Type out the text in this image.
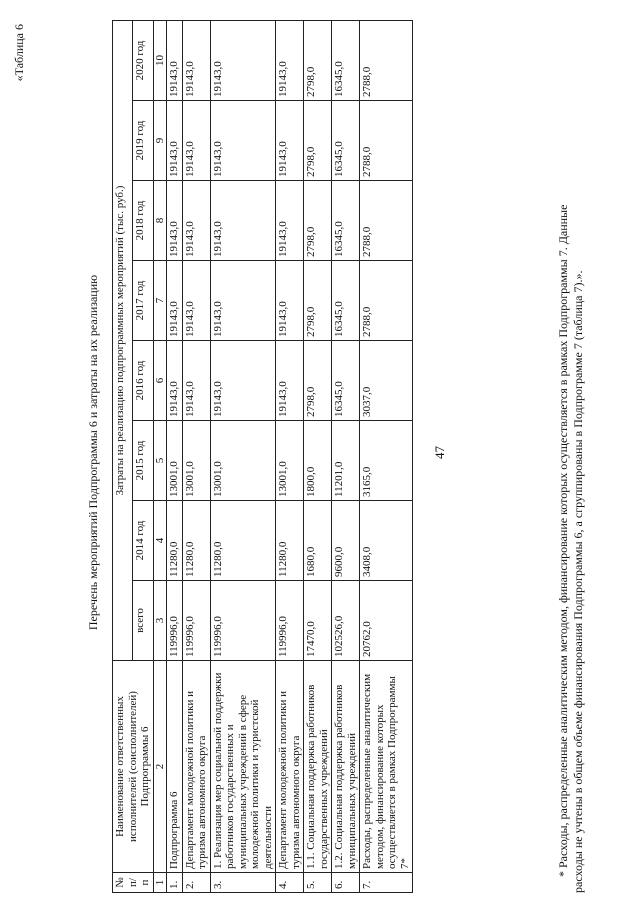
«Таблица 6
47
Перечень мероприятий Подпрограммы 6 и затраты на их реализацию
№ п/п	Наименование ответственных исполнителей (соисполнителей) Подпрограммы 6	Затраты на реализацию подпрограммных мероприятий (тыс. руб.)							
		всего	2014 год	2015 год	2016 год	2017 год	2018 год	2019 год	2020 год
1	2	3	4	5	6	7	8	9	10
1.	Подпрограмма 6	119996,0	11280,0	13001,0	19143,0	19143,0	19143,0	19143,0	19143,0
2.	Департамент молодежной политики и туризма автономного округа	119996,0	11280,0	13001,0	19143,0	19143,0	19143,0	19143,0	19143,0
3.	1. Реализация мер социальной поддержки работников государственных и муниципальных учреждений в сфере молодежной политики и туристской деятельности	119996,0	11280,0	13001,0	19143,0	19143,0	19143,0	19143,0	19143,0
4.	Департамент молодежной политики и туризма автономного округа	119996,0	11280,0	13001,0	19143,0	19143,0	19143,0	19143,0	19143,0
5.	1.1. Социальная поддержка работников государственных учреждений	17470,0	1680,0	1800,0	2798,0	2798,0	2798,0	2798,0	2798,0
6.	1.2. Социальная поддержка работников муниципальных учреждений	102526,0	9600,0	11201,0	16345,0	16345,0	16345,0	16345,0	16345,0
7.	Расходы, распределенные аналитическим методом, финансирование которых осуществляется в рамках Подпрограммы 7*	20762,0	3408,0	3165,0	3037,0	2788,0	2788,0	2788,0	2788,0
* Расходы, распределенные аналитическим методом, финансирование которых осуществляется в рамках Подпрограммы 7. Данные расходы не учтены в общем объеме финансирования Подпрограммы 6, а сгруппированы в Подпрограмме 7 (таблица 7).».
